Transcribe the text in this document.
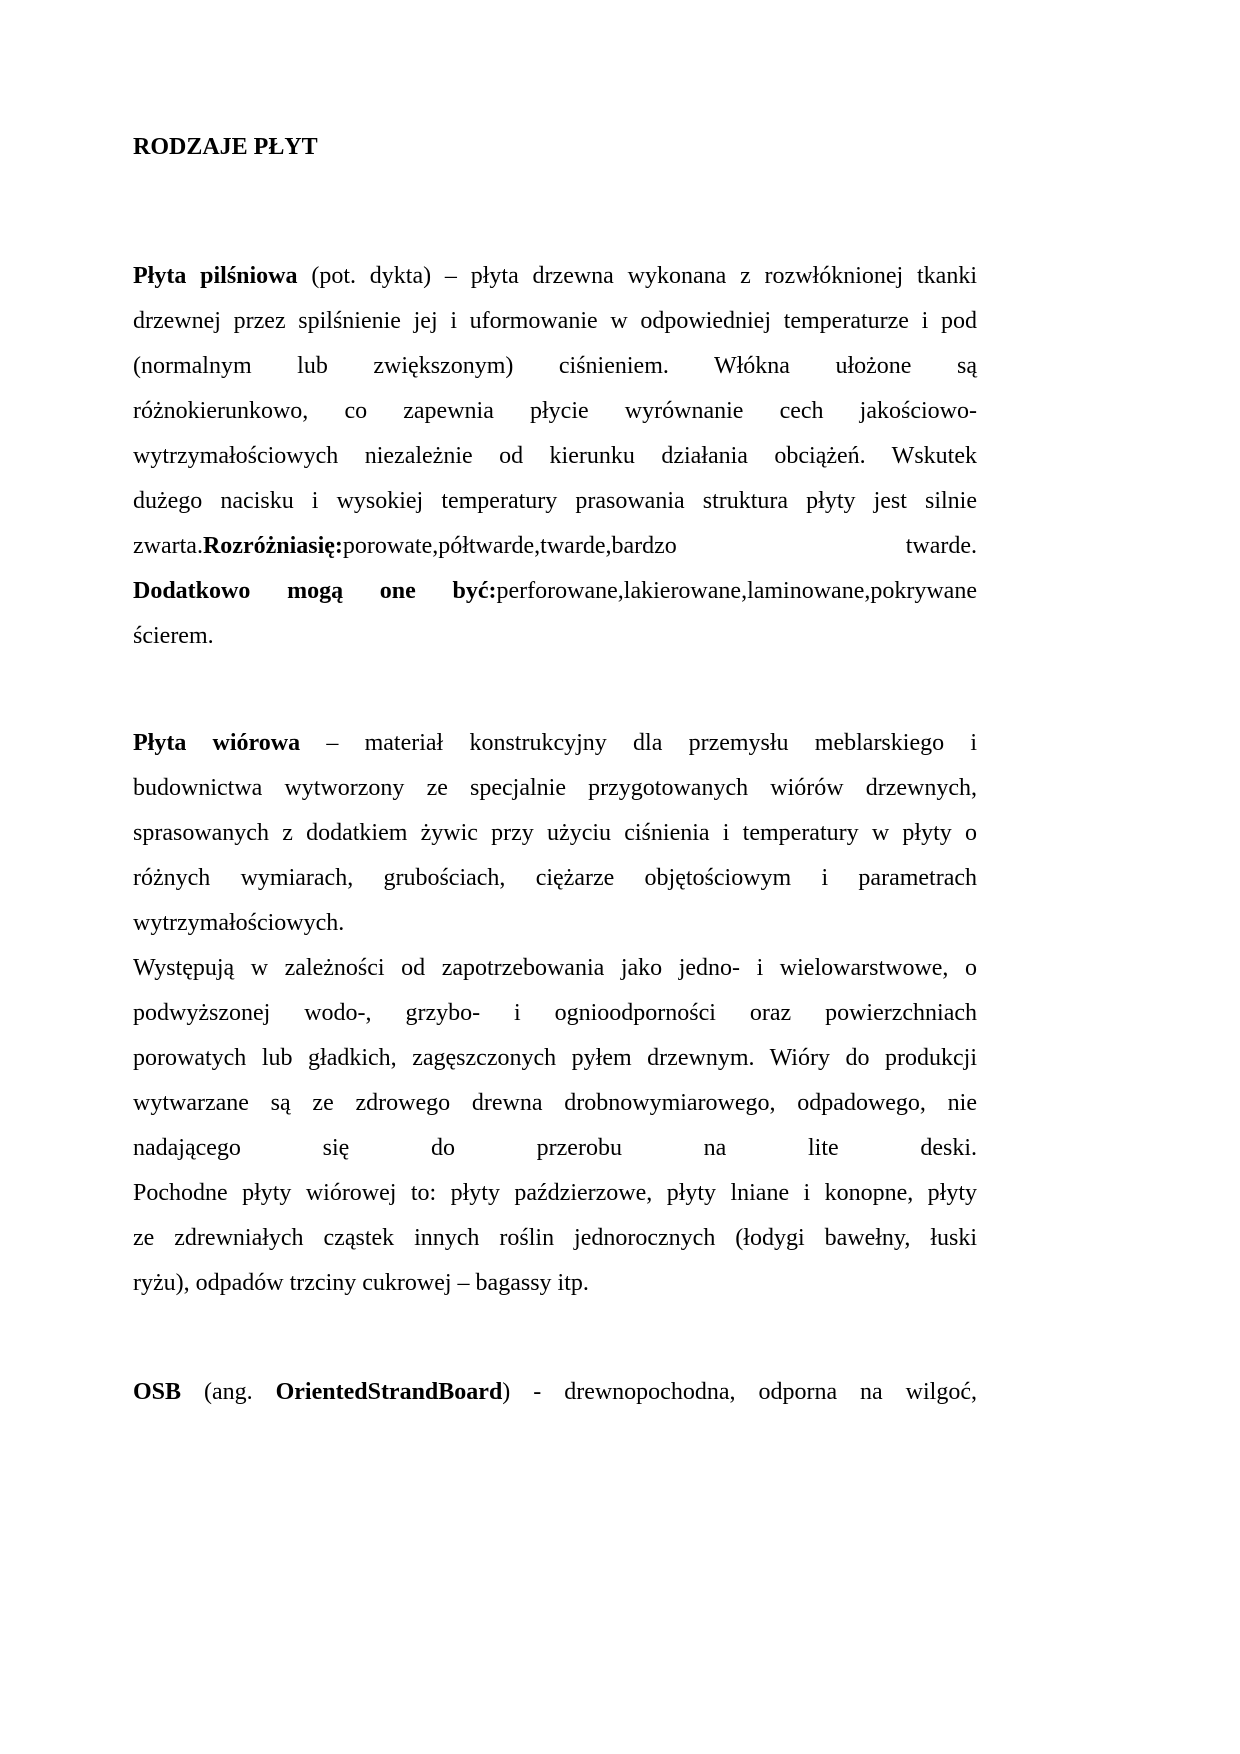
RODZAJE PŁYT
Płyta pilśniowa (pot. dykta) – płyta drzewna wykonana z rozwłóknionej tkanki
drzewnej przez spilśnienie jej i uformowanie w odpowiedniej temperaturze i pod
(normalnym lub zwiększonym) ciśnieniem. Włókna ułożone są
różnokierunkowo, co zapewnia płycie wyrównanie cech jakościowo-
wytrzymałościowych niezależnie od kierunku działania obciążeń. Wskutek
dużego nacisku i wysokiej temperatury prasowania struktura płyty jest silnie
zwarta.Rozróżniasię:porowate,półtwarde,twarde,bardzo twarde.
Dodatkowo mogą one być:perforowane,lakierowane,laminowane,pokrywane
ścierem.
Płyta wiórowa – materiał konstrukcyjny dla przemysłu meblarskiego i
budownictwa wytworzony ze specjalnie przygotowanych wiórów drzewnych,
sprasowanych z dodatkiem żywic przy użyciu ciśnienia i temperatury w płyty o
różnych wymiarach, grubościach, ciężarze objętościowym i parametrach
wytrzymałościowych.
Występują w zależności od zapotrzebowania jako jedno- i wielowarstwowe, o
podwyższonej wodo-, grzybo- i ognioodporności oraz powierzchniach
porowatych lub gładkich, zagęszczonych pyłem drzewnym. Wióry do produkcji
wytwarzane są ze zdrowego drewna drobnowymiarowego, odpadowego, nie
nadającego się do przerobu na lite deski.
Pochodne płyty wiórowej to: płyty paździerzowe, płyty lniane i konopne, płyty
ze zdrewniałych cząstek innych roślin jednorocznych (łodygi bawełny, łuski
ryżu), odpadów trzciny cukrowej – bagassy itp.
OSB (ang. OrientedStrandBoard) - drewnopochodna, odporna na wilgoć,
